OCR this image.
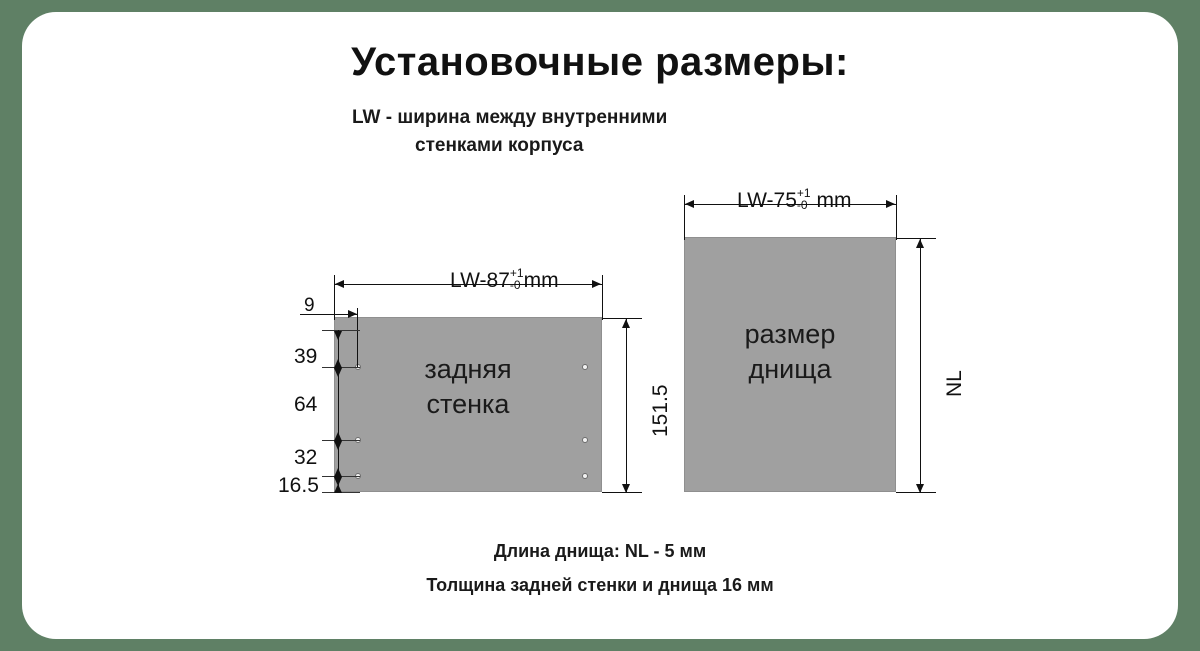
Установочные размеры:
LW - ширина между внутренними
стенками корпуса
задняя
стенка
LW-87 +1
-0 mm
9
39
64
32
16.5
151.5
размер
днища
LW-75 +1
-0 mm
NL
Длина днища: NL - 5 мм
Толщина задней стенки и днища 16 мм
